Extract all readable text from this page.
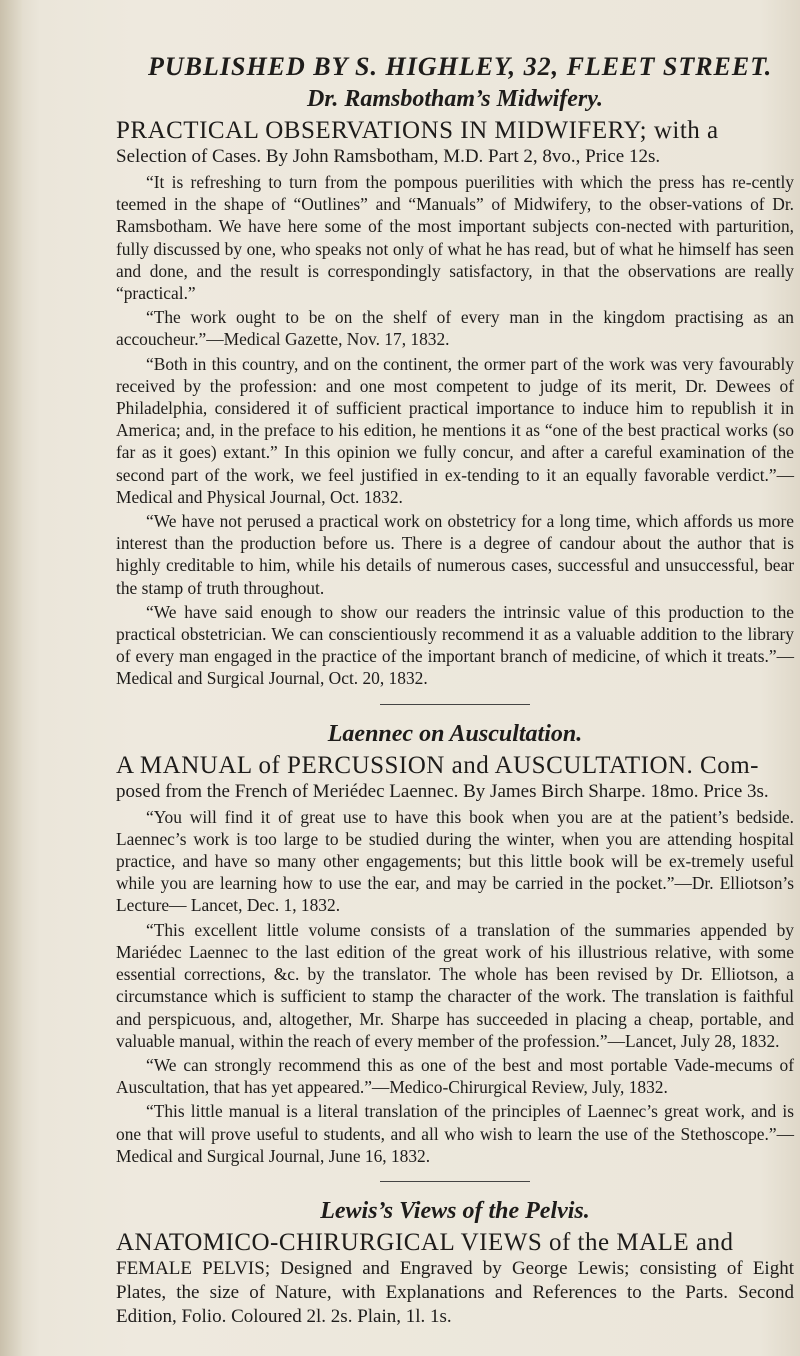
PUBLISHED BY S. HIGHLEY, 32, FLEET STREET.
Dr. Ramsbotham’s Midwifery.
PRACTICAL OBSERVATIONS IN MIDWIFERY; with a
Selection of Cases. By John Ramsbotham, M.D. Part 2, 8vo., Price 12s.

“It is refreshing to turn from the pompous puerilities with which the press has re-cently teemed in the shape of “Outlines” and “Manuals” of Midwifery, to the obser-vations of Dr. Ramsbotham. We have here some of the most important subjects con-nected with parturition, fully discussed by one, who speaks not only of what he has read, but of what he himself has seen and done, and the result is correspondingly satisfactory, in that the observations are really “practical.”

“The work ought to be on the shelf of every man in the kingdom practising as an accoucheur.”—Medical Gazette, Nov. 17, 1832.

“Both in this country, and on the continent, the ormer part of the work was very favourably received by the profession: and one most competent to judge of its merit, Dr. Dewees of Philadelphia, considered it of sufficient practical importance to induce him to republish it in America; and, in the preface to his edition, he mentions it as “one of the best practical works (so far as it goes) extant.” In this opinion we fully concur, and after a careful examination of the second part of the work, we feel justified in ex-tending to it an equally favorable verdict.”—Medical and Physical Journal, Oct. 1832.

“We have not perused a practical work on obstetricy for a long time, which affords us more interest than the production before us. There is a degree of candour about the author that is highly creditable to him, while his details of numerous cases, successful and unsuccessful, bear the stamp of truth throughout.

“We have said enough to show our readers the intrinsic value of this production to the practical obstetrician. We can conscientiously recommend it as a valuable addition to the library of every man engaged in the practice of the important branch of medicine, of which it treats.”—Medical and Surgical Journal, Oct. 20, 1832.

Laennec on Auscultation.
A MANUAL of PERCUSSION and AUSCULTATION. Com-
posed from the French of Meriédec Laennec. By James Birch Sharpe. 18mo. Price 3s.

“You will find it of great use to have this book when you are at the patient’s bedside. Laennec’s work is too large to be studied during the winter, when you are attending hospital practice, and have so many other engagements; but this little book will be ex-tremely useful while you are learning how to use the ear, and may be carried in the pocket.”—Dr. Elliotson’s Lecture— Lancet, Dec. 1, 1832.

“This excellent little volume consists of a translation of the summaries appended by Mariédec Laennec to the last edition of the great work of his illustrious relative, with some essential corrections, &c. by the translator. The whole has been revised by Dr. Elliotson, a circumstance which is sufficient to stamp the character of the work. The translation is faithful and perspicuous, and, altogether, Mr. Sharpe has succeeded in placing a cheap, portable, and valuable manual, within the reach of every member of the profession.”—Lancet, July 28, 1832.

“We can strongly recommend this as one of the best and most portable Vade-mecums of Auscultation, that has yet appeared.”—Medico-Chirurgical Review, July, 1832.

“This little manual is a literal translation of the principles of Laennec’s great work, and is one that will prove useful to students, and all who wish to learn the use of the Stethoscope.”—Medical and Surgical Journal, June 16, 1832.

Lewis’s Views of the Pelvis.
ANATOMICO-CHIRURGICAL VIEWS of the MALE and
FEMALE PELVIS; Designed and Engraved by George Lewis; consisting of Eight Plates, the size of Nature, with Explanations and References to the Parts. Second Edition, Folio. Coloured 2l. 2s. Plain, 1l. 1s.
